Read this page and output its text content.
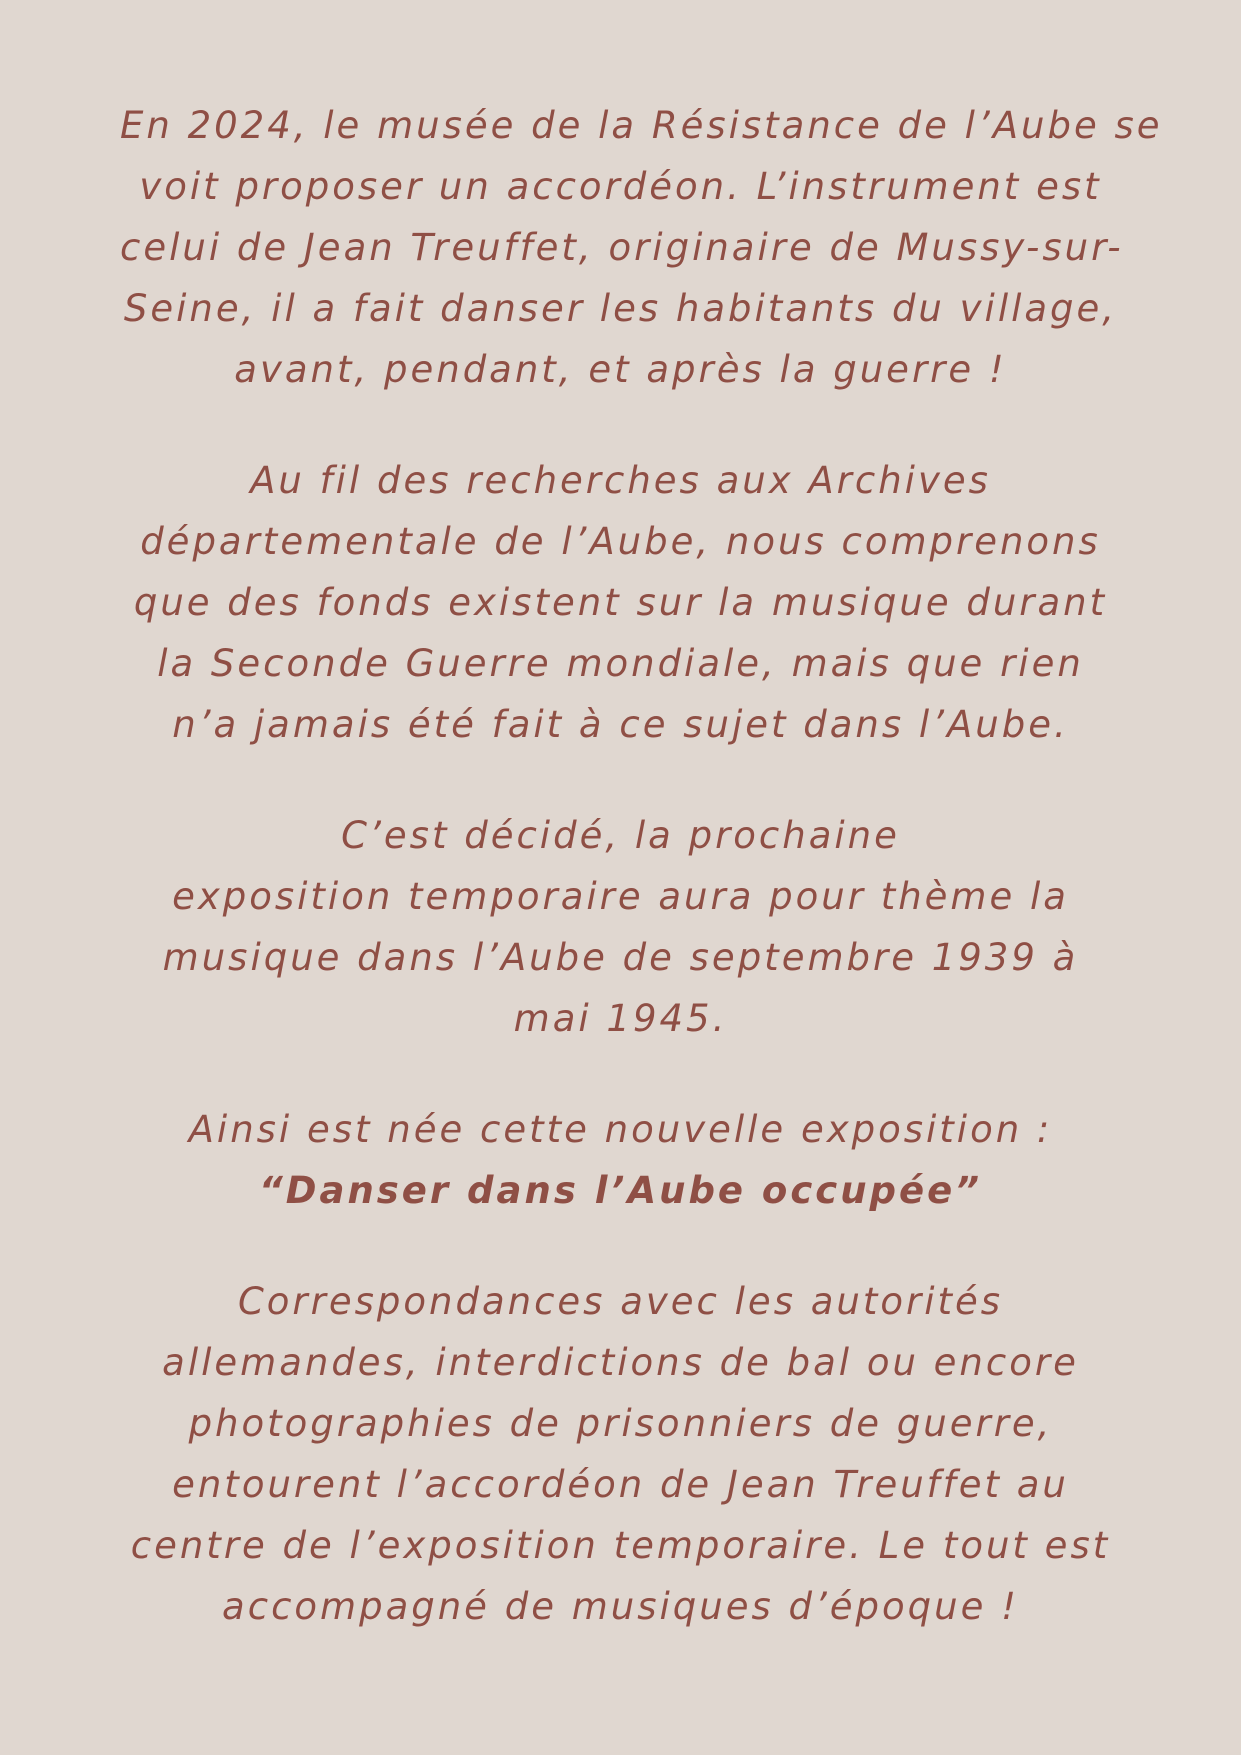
En 2024, le musée de la Résistance de l’Aube se
voit proposer un accordéon. L’instrument est
celui de Jean Treuffet, originaire de Mussy-sur-
Seine, il a fait danser les habitants du village,
avant, pendant, et après la guerre !

Au fil des recherches aux Archives
départementale de l’Aube, nous comprenons
que des fonds existent sur la musique durant
la Seconde Guerre mondiale, mais que rien
n’a jamais été fait à ce sujet dans l’Aube.

C’est décidé, la prochaine
exposition temporaire aura pour thème la
musique dans l’Aube de septembre 1939 à
mai 1945.

Ainsi est née cette nouvelle exposition :
“Danser dans l’Aube occupée”

Correspondances avec les autorités
allemandes, interdictions de bal ou encore
photographies de prisonniers de guerre,
entourent l’accordéon de Jean Treuffet au
centre de l’exposition temporaire. Le tout est
accompagné de musiques d’époque !
